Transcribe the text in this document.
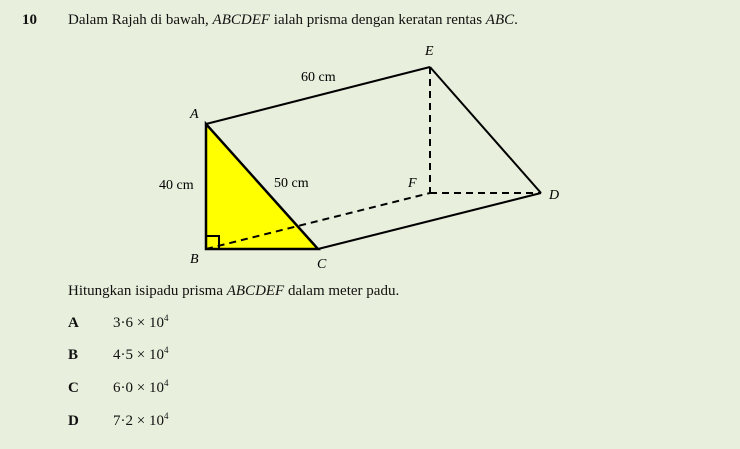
10 Dalam Rajah di bawah, ABCDEF ialah prisma dengan keratan rentas ABC.
A
B	C
D
E
F
60 cm
40 cm	50 cm
Hitungkan isipadu prisma ABCDEF dalam meter padu.
A $3\cdot 6 \times 10^4$
B $4\cdot 5 \times 10^4$
C $6\cdot 0 \times 10^4$
D $7\cdot 2 \times 10^4$
